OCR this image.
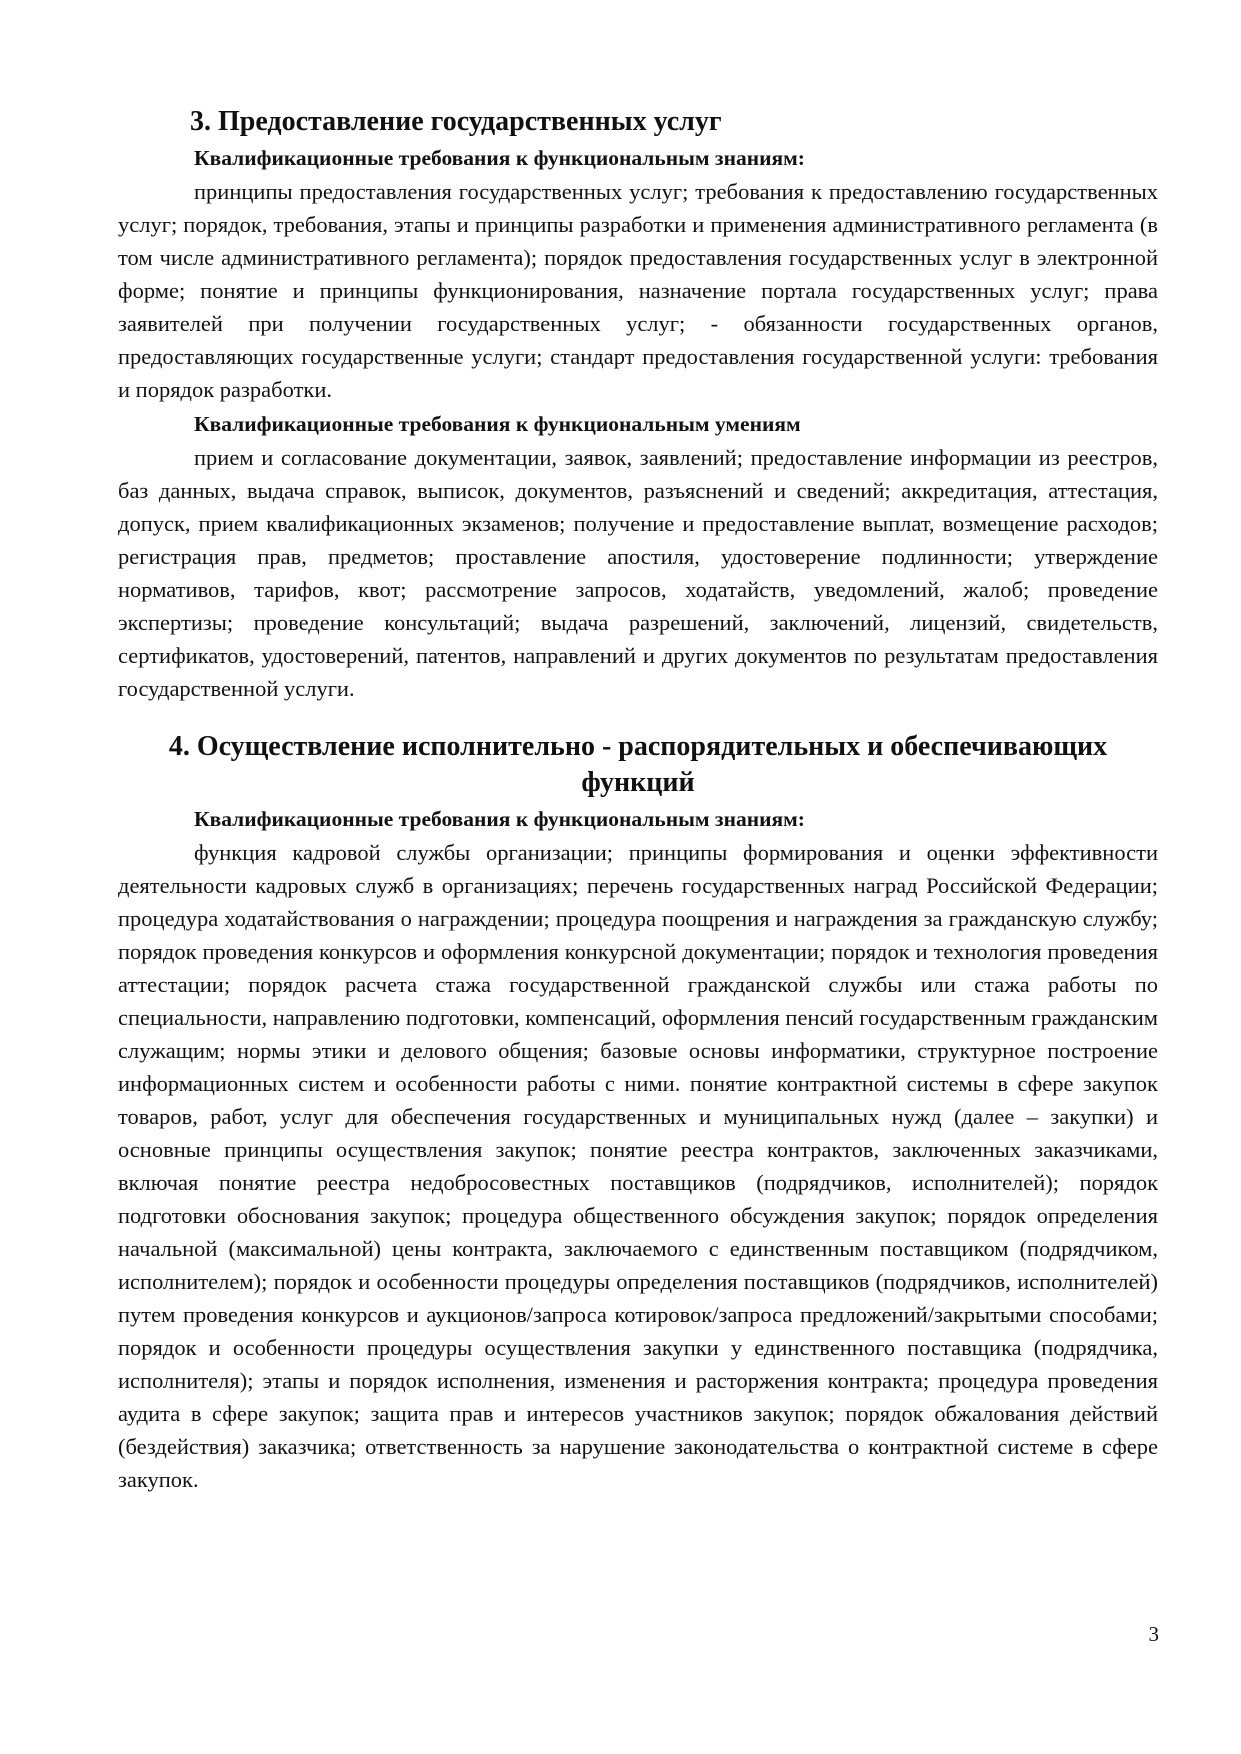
3. Предоставление государственных услуг
Квалификационные требования к функциональным знаниям:

принципы предоставления государственных услуг; требования к предоставлению государственных услуг; порядок, требования, этапы и принципы разработки и применения административного регламента (в том числе административного регламента); порядок предоставления государственных услуг в электронной форме; понятие и принципы функционирования, назначение портала государственных услуг; права заявителей при получении государственных услуг; - обязанности государственных органов, предоставляющих государственные услуги; стандарт предоставления государственной услуги: требования и порядок разработки.

Квалификационные требования к функциональным умениям

прием и согласование документации, заявок, заявлений; предоставление информации из реестров, баз данных, выдача справок, выписок, документов, разъяснений и сведений; аккредитация, аттестация, допуск, прием квалификационных экзаменов; получение и предоставление выплат, возмещение расходов; регистрация прав, предметов; проставление апостиля, удостоверение подлинности; утверждение нормативов, тарифов, квот; рассмотрение запросов, ходатайств, уведомлений, жалоб; проведение экспертизы; проведение консультаций; выдача разрешений, заключений, лицензий, свидетельств, сертификатов, удостоверений, патентов, направлений и других документов по результатам предоставления государственной услуги.

4. Осуществление исполнительно - распорядительных и обеспечивающих функций
Квалификационные требования к функциональным знаниям:

функция кадровой службы организации; принципы формирования и оценки эффективности деятельности кадровых служб в организациях; перечень государственных наград Российской Федерации; процедура ходатайствования о награждении; процедура поощрения и награждения за гражданскую службу; порядок проведения конкурсов и оформления конкурсной документации; порядок и технология проведения аттестации; порядок расчета стажа государственной гражданской службы или стажа работы по специальности, направлению подготовки, компенсаций, оформления пенсий государственным гражданским служащим; нормы этики и делового общения; базовые основы информатики, структурное построение информационных систем и особенности работы с ними. понятие контрактной системы в сфере закупок товаров, работ, услуг для обеспечения государственных и муниципальных нужд (далее – закупки) и основные принципы осуществления закупок; понятие реестра контрактов, заключенных заказчиками, включая понятие реестра недобросовестных поставщиков (подрядчиков, исполнителей); порядок подготовки обоснования закупок; процедура общественного обсуждения закупок; порядок определения начальной (максимальной) цены контракта, заключаемого с единственным поставщиком (подрядчиком, исполнителем); порядок и особенности процедуры определения поставщиков (подрядчиков, исполнителей) путем проведения конкурсов и аукционов/запроса котировок/запроса предложений/закрытыми способами; порядок и особенности процедуры осуществления закупки у единственного поставщика (подрядчика, исполнителя); этапы и порядок исполнения, изменения и расторжения контракта; процедура проведения аудита в сфере закупок; защита прав и интересов участников закупок; порядок обжалования действий (бездействия) заказчика; ответственность за нарушение законодательства о контрактной системе в сфере закупок.

3
